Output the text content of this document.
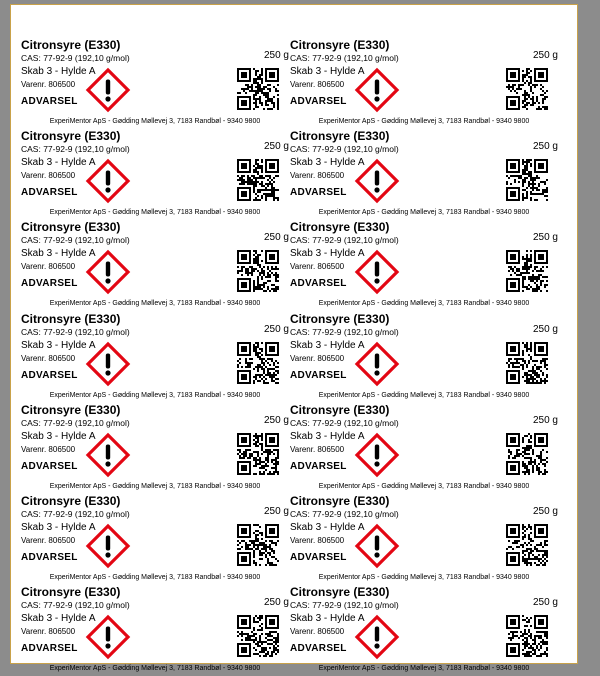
Citronsyre (E330)
CAS: 77-92-9 (192,10 g/mol)	250 g
Skab 3 - Hylde A
Varenr. 806500
ADVARSEL
ExperiMentor ApS - Gødding Møllevej 3, 7183 Randbøl - 9340 9800
Citronsyre (E330)
CAS: 77-92-9 (192,10 g/mol)	250 g
Skab 3 - Hylde A
Varenr. 806500
ADVARSEL
ExperiMentor ApS - Gødding Møllevej 3, 7183 Randbøl - 9340 9800
Citronsyre (E330)
CAS: 77-92-9 (192,10 g/mol)	250 g
Skab 3 - Hylde A
Varenr. 806500
ADVARSEL
ExperiMentor ApS - Gødding Møllevej 3, 7183 Randbøl - 9340 9800
Citronsyre (E330)
CAS: 77-92-9 (192,10 g/mol)	250 g
Skab 3 - Hylde A
Varenr. 806500
ADVARSEL
ExperiMentor ApS - Gødding Møllevej 3, 7183 Randbøl - 9340 9800
Citronsyre (E330)
CAS: 77-92-9 (192,10 g/mol)	250 g
Skab 3 - Hylde A
Varenr. 806500
ADVARSEL
ExperiMentor ApS - Gødding Møllevej 3, 7183 Randbøl - 9340 9800
Citronsyre (E330)
CAS: 77-92-9 (192,10 g/mol)	250 g
Skab 3 - Hylde A
Varenr. 806500
ADVARSEL
ExperiMentor ApS - Gødding Møllevej 3, 7183 Randbøl - 9340 9800
Citronsyre (E330)
CAS: 77-92-9 (192,10 g/mol)	250 g
Skab 3 - Hylde A
Varenr. 806500
ADVARSEL
ExperiMentor ApS - Gødding Møllevej 3, 7183 Randbøl - 9340 9800
Citronsyre (E330)
CAS: 77-92-9 (192,10 g/mol)	250 g
Skab 3 - Hylde A
Varenr. 806500
ADVARSEL
ExperiMentor ApS - Gødding Møllevej 3, 7183 Randbøl - 9340 9800
Citronsyre (E330)
CAS: 77-92-9 (192,10 g/mol)	250 g
Skab 3 - Hylde A
Varenr. 806500
ADVARSEL
ExperiMentor ApS - Gødding Møllevej 3, 7183 Randbøl - 9340 9800
Citronsyre (E330)
CAS: 77-92-9 (192,10 g/mol)	250 g
Skab 3 - Hylde A
Varenr. 806500
ADVARSEL
ExperiMentor ApS - Gødding Møllevej 3, 7183 Randbøl - 9340 9800
Citronsyre (E330)
CAS: 77-92-9 (192,10 g/mol)	250 g
Skab 3 - Hylde A
Varenr. 806500
ADVARSEL
ExperiMentor ApS - Gødding Møllevej 3, 7183 Randbøl - 9340 9800
Citronsyre (E330)
CAS: 77-92-9 (192,10 g/mol)	250 g
Skab 3 - Hylde A
Varenr. 806500
ADVARSEL
ExperiMentor ApS - Gødding Møllevej 3, 7183 Randbøl - 9340 9800
Citronsyre (E330)
CAS: 77-92-9 (192,10 g/mol)	250 g
Skab 3 - Hylde A
Varenr. 806500
ADVARSEL
ExperiMentor ApS - Gødding Møllevej 3, 7183 Randbøl - 9340 9800
Citronsyre (E330)
CAS: 77-92-9 (192,10 g/mol)	250 g
Skab 3 - Hylde A
Varenr. 806500
ADVARSEL
ExperiMentor ApS - Gødding Møllevej 3, 7183 Randbøl - 9340 9800
